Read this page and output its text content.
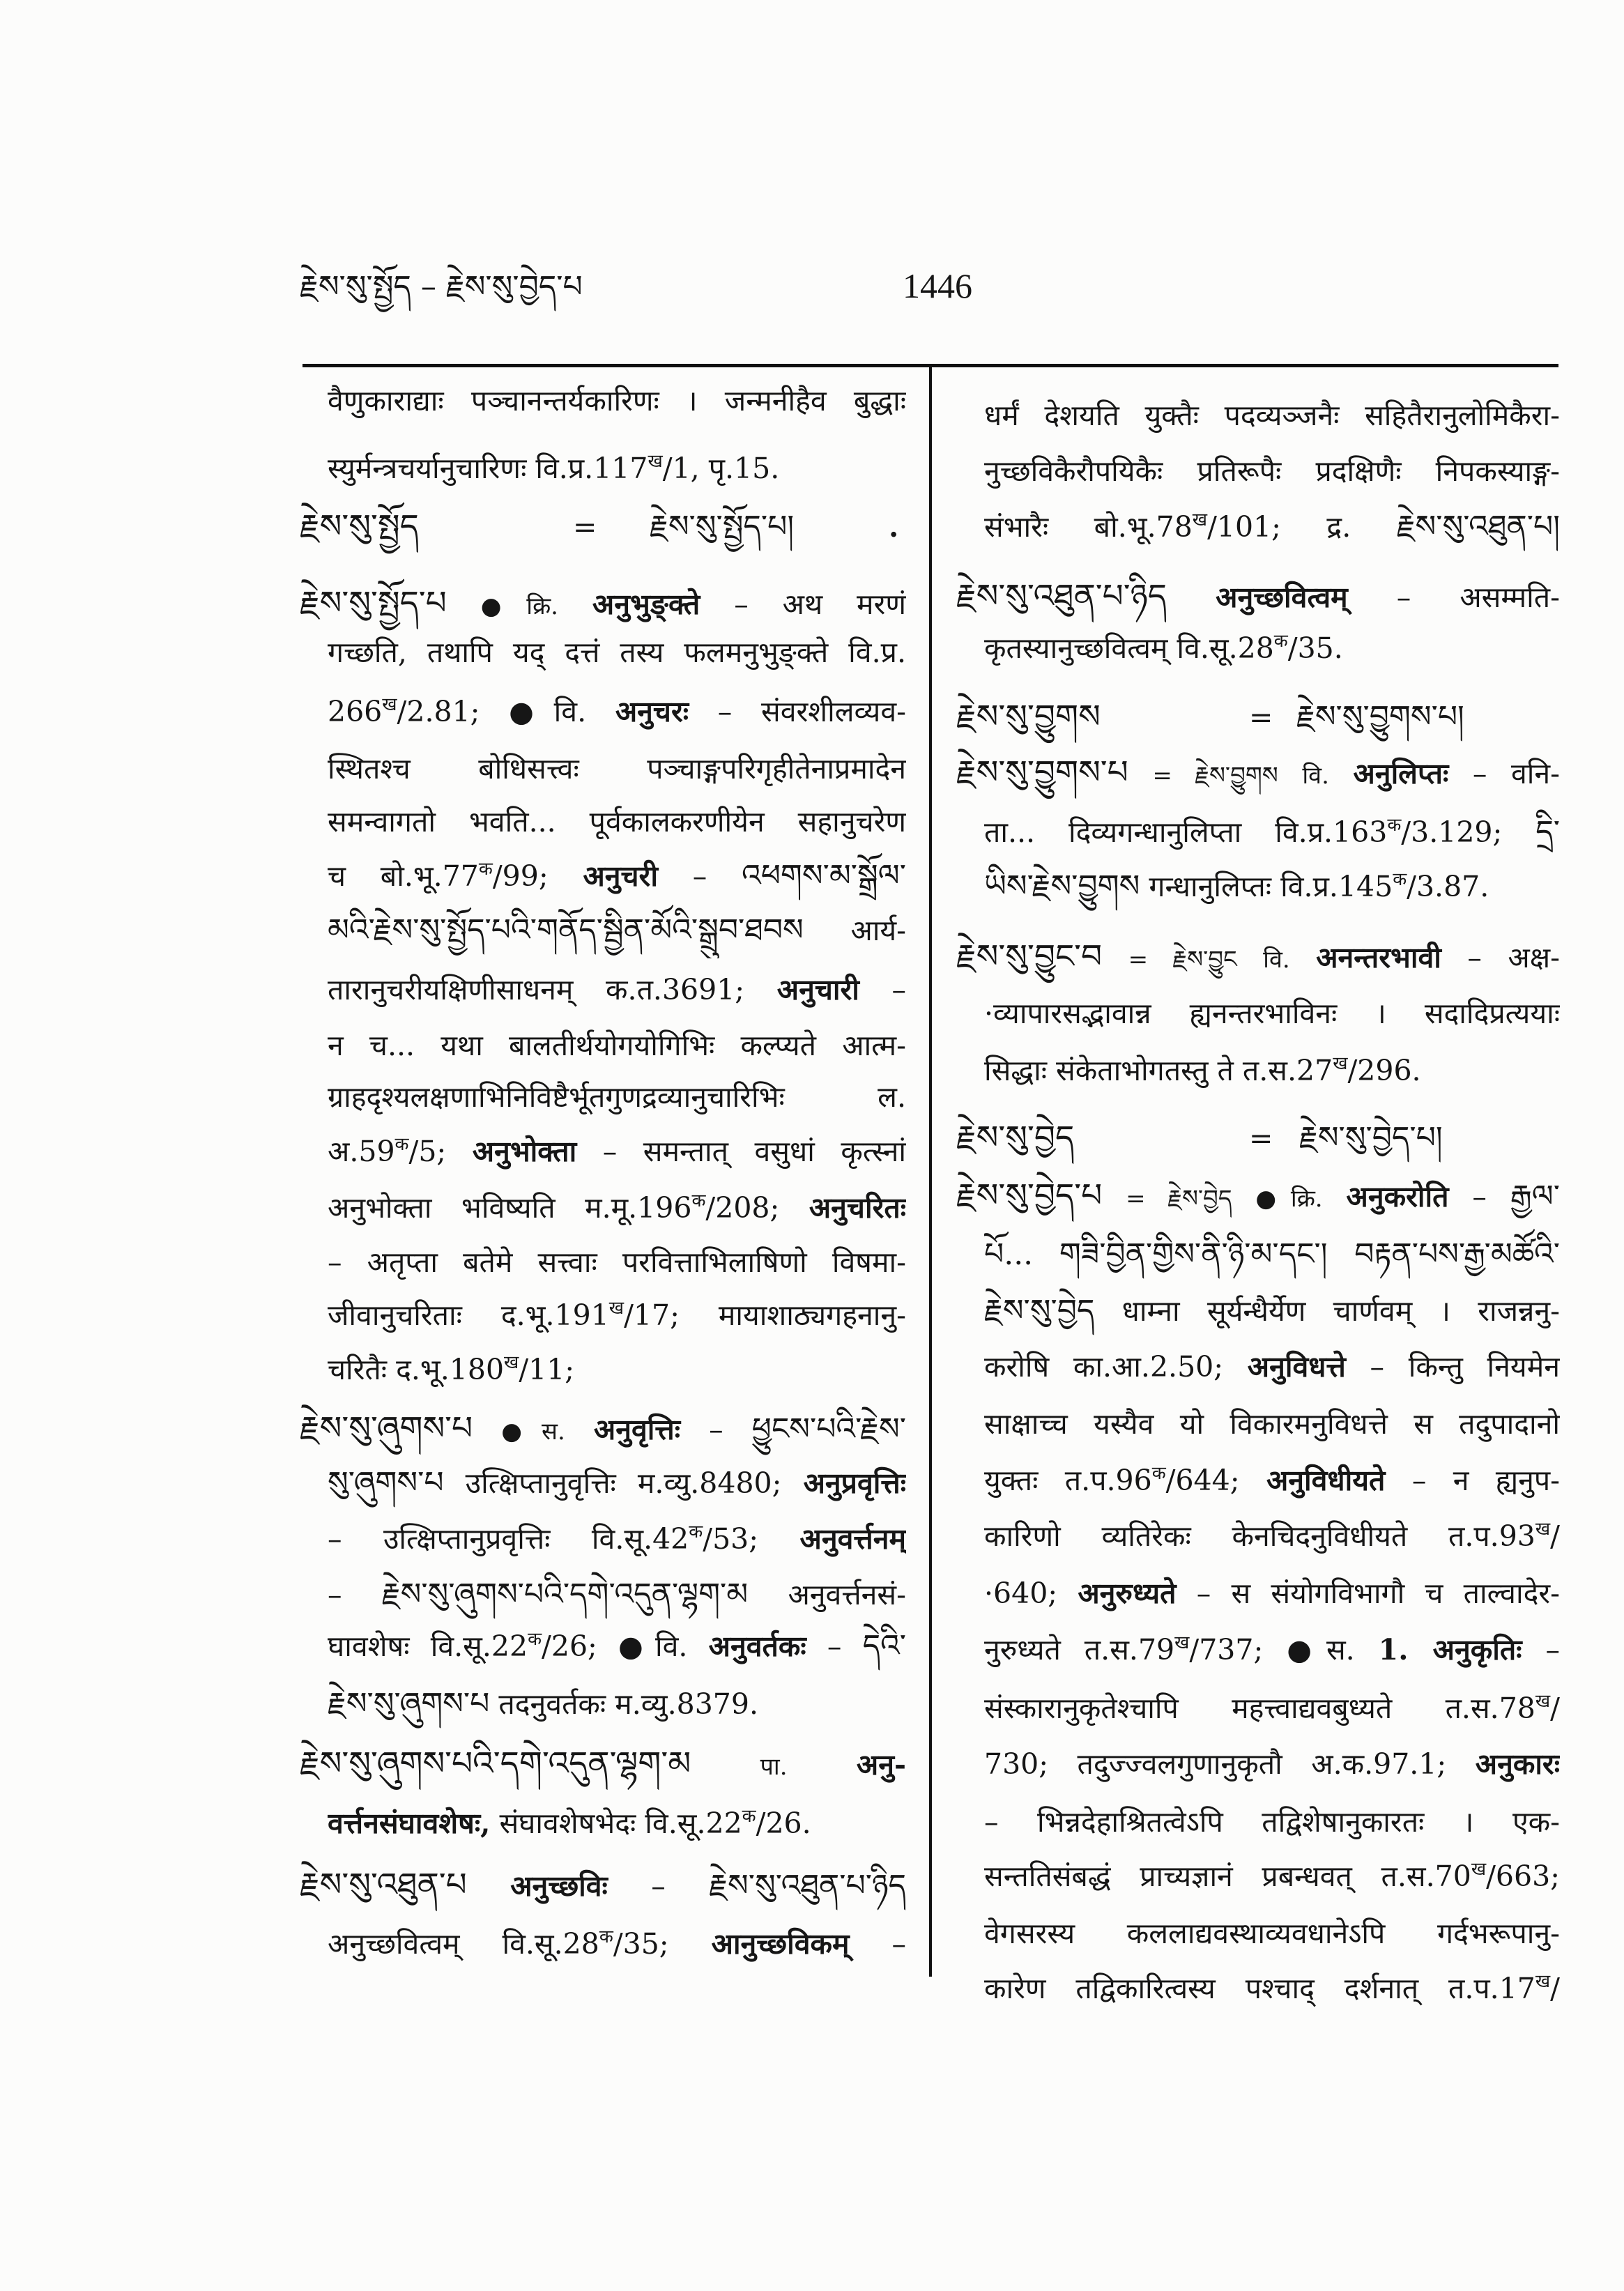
རྗེས་སུ་སྤྱོད – རྗེས་སུ་བྱེད་པ	1446
वैणुकाराद्याः पञ्चानन्तर्यकारिणः । जन्मनीहैव बुद्धाः
स्युर्मन्त्रचर्यानुचारिणः $वि.प्र.117^ख/1$, पृ.15.
རྗེས་སུ་སྤྱོད	= རྗེས་སུ་སྤྱོད་པ།	.
རྗེས་སུ་སྤྱོད་པ ●क्रि. अनुभुङ्क्ते – अथ मरणं
गच्छति, तथापि यद् दत्तं तस्य फलमनुभुङ्क्ते वि.प्र.
$266^ख/2.81$; ●वि. अनुचरः – संवरशीलव्यव-
स्थितश्च बोधिसत्त्वः पञ्चाङ्गपरिगृहीतेनाप्रमादेन
समन्वागतो भवति... पूर्वकालकरणीयेन सहानुचरेण
च $बो.भू.77^क/99$; अनुचरी – འཕགས་མ་སྒྲོལ་
མའི་རྗེས་སུ་སྤྱོད་པའི་གནོད་སྦྱིན་མོའི་སྒྲུབ་ཐབས आर्य-
तारानुचरीयक्षिणीसाधनम् क.त.3691; अनुचारी –
न च... यथा बालतीर्थयोगयोगिभिः कल्प्यते आत्म-
ग्राहदृश्यलक्षणाभिनिविष्टैर्भूतगुणद्रव्यानुचारिभिः ल.
$अ.59^क/5$; अनुभोक्ता – समन्तात् वसुधां कृत्स्नां
अनुभोक्ता भविष्यति $म.मू.196^क/208$; अनुचरितः
– अतृप्ता बतेमे सत्त्वाः परवित्ताभिलाषिणो विषमा-
जीवानुचरिताः $द.भू.191^ख/17$; मायाशाठ्यगहनानु-
चरितैः $द.भू.180^ख/11$;
རྗེས་སུ་ཞུགས་པ ●स. अनुवृत्तिः – ཕྱུངས་པའི་རྗེས་
སུ་ཞུགས་པ उत्क्षिप्तानुवृत्तिः म.व्यु.8480; अनुप्रवृत्तिः
– उत्क्षिप्तानुप्रवृत्तिः $वि.सू.42^क/53$; अनुवर्त्तनम्
– རྗེས་སུ་ཞུགས་པའི་དགེ་འདུན་ལྷག་མ अनुवर्त्तनसं-
घावशेषः $वि.सू.22^क/26$; ●वि. अनुवर्तकः – དེའི་
རྗེས་སུ་ཞུགས་པ तदनुवर्तकः म.व्यु.8379.
རྗེས་སུ་ཞུགས་པའི་དགེ་འདུན་ལྷག་མ	पा. अनु-
वर्त्तनसंघावशेषः, संघावशेषभेदः $वि.सू.22^क/26$.
རྗེས་སུ་འཐུན་པ अनुच्छविः – རྗེས་སུ་འཐུན་པ་ཉིད
अनुच्छवित्वम् $वि.सू.28^क/35$; आनुच्छविकम् –
धर्मं देशयति युक्तैः पदव्यञ्जनैः सहितैरानुलोमिकैरा-
नुच्छविकैरौपयिकैः प्रतिरूपैः प्रदक्षिणैः निपकस्याङ्ग-
संभारैः $बो.भू.78^ख/101$; द्र. རྗེས་སུ་འཐུན་པ།
རྗེས་སུ་འཐུན་པ་ཉིད अनुच्छवित्वम् – असम्मति-
कृतस्यानुच्छवित्वम् $वि.सू.28^क/35$.
རྗེས་སུ་བྱུགས	= རྗེས་སུ་བྱུགས་པ།
རྗེས་སུ་བྱུགས་པ = རྗེས་བྱུགས वि. अनुलिप्तः – वनि-
ता... दिव्यगन्धानुलिप्ता $वि.प्र.163^क/3.129$; དྲི་
ཡིས་རྗེས་བྱུགས गन्धानुलिप्तः $वि.प्र.145^क/3.87$.
རྗེས་སུ་བྱུང་བ = རྗེས་བྱུང वि. अनन्तरभावी – अक्ष-
·व्यापारसद्भावान्न ह्यनन्तरभाविनः । सदादिप्रत्ययाः
सिद्धाः संकेताभोगतस्तु ते $त.स.27^ख/296$.
རྗེས་སུ་བྱེད	= རྗེས་སུ་བྱེད་པ།
རྗེས་སུ་བྱེད་པ = རྗེས་བྱེད ●क्रि. अनुकरोति – རྒྱལ་
པོ... གཟི་བྱིན་གྱིས་ནི་ཉི་མ་དང་། བརྟན་པས་རྒྱ་མཚོའི་
རྗེས་སུ་བྱེད धाम्ना सूर्यन्धैर्येण चार्णवम् । राजन्ननु-
करोषि का.आ.2.50; अनुविधत्ते – किन्तु नियमेन
साक्षाच्च यस्यैव यो विकारमनुविधत्ते स तदुपादानो
युक्तः $त.प.96^क/644$; अनुविधीयते – न ह्यनुप-
कारिणो व्यतिरेकः केनचिदनुविधीयते $त.प.93^ख/$
·640; अनुरुध्यते – स संयोगविभागौ च ताल्वादेर-
नुरुध्यते $त.स.79^ख/737$; ●स. 1. अनुकृतिः –
संस्कारानुकृतेश्चापि महत्त्वाद्यवबुध्यते $त.स.78^ख/$
730; तदुज्ज्वलगुणानुकृतौ अ.क.97.1; अनुकारः
– भिन्नदेहाश्रितत्वेऽपि तद्विशेषानुकारतः । एक-
सन्ततिसंबद्धं प्राच्यज्ञानं प्रबन्धवत् $त.स.70^ख/663$;
वेगसरस्य कललाद्यवस्थाव्यवधानेऽपि गर्दभरूपानु-
कारेण तद्विकारित्वस्य पश्चाद् दर्शनात् $त.प.17^ख/$
